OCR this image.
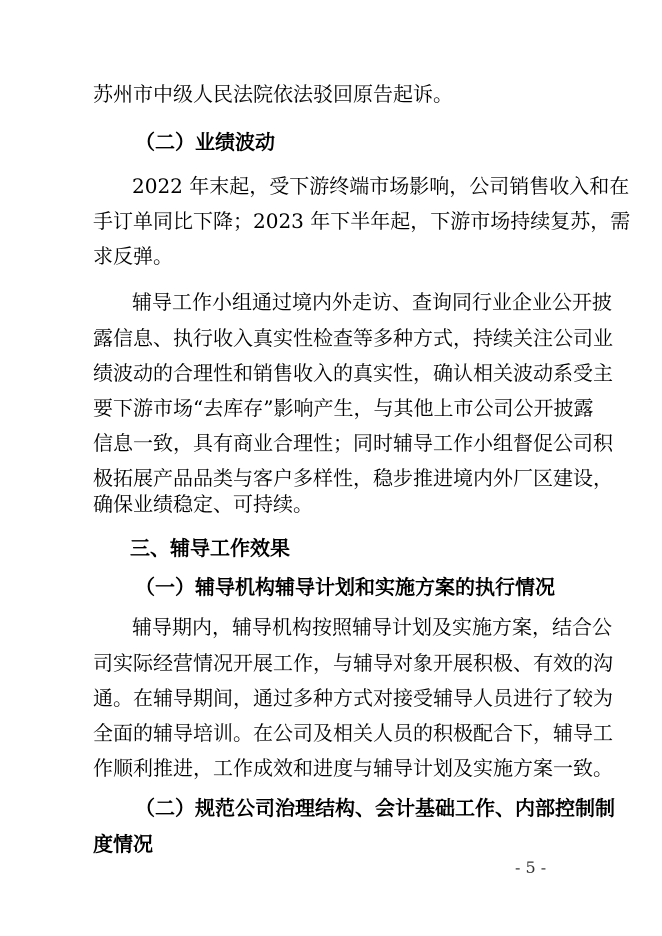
苏州市中级人民法院依法驳回原告起诉。
（二）业绩波动
2022 年末起，受下游终端市场影响，公司销售收入和在
手订单同比下降；2023 年下半年起，下游市场持续复苏，需
求反弹。
辅导工作小组通过境内外走访、查询同行业企业公开披
露信息、执行收入真实性检查等多种方式，持续关注公司业
绩波动的合理性和销售收入的真实性，确认相关波动系受主
要下游市场“去库存”影响产生，与其他上市公司公开披露
信息一致，具有商业合理性；同时辅导工作小组督促公司积
极拓展产品品类与客户多样性，稳步推进境内外厂区建设，
确保业绩稳定、可持续。
三、辅导工作效果
（一）辅导机构辅导计划和实施方案的执行情况
辅导期内，辅导机构按照辅导计划及实施方案，结合公
司实际经营情况开展工作，与辅导对象开展积极、有效的沟
通。在辅导期间，通过多种方式对接受辅导人员进行了较为
全面的辅导培训。在公司及相关人员的积极配合下，辅导工
作顺利推进，工作成效和进度与辅导计划及实施方案一致。
（二）规范公司治理结构、会计基础工作、内部控制制
度情况
- 5 -
